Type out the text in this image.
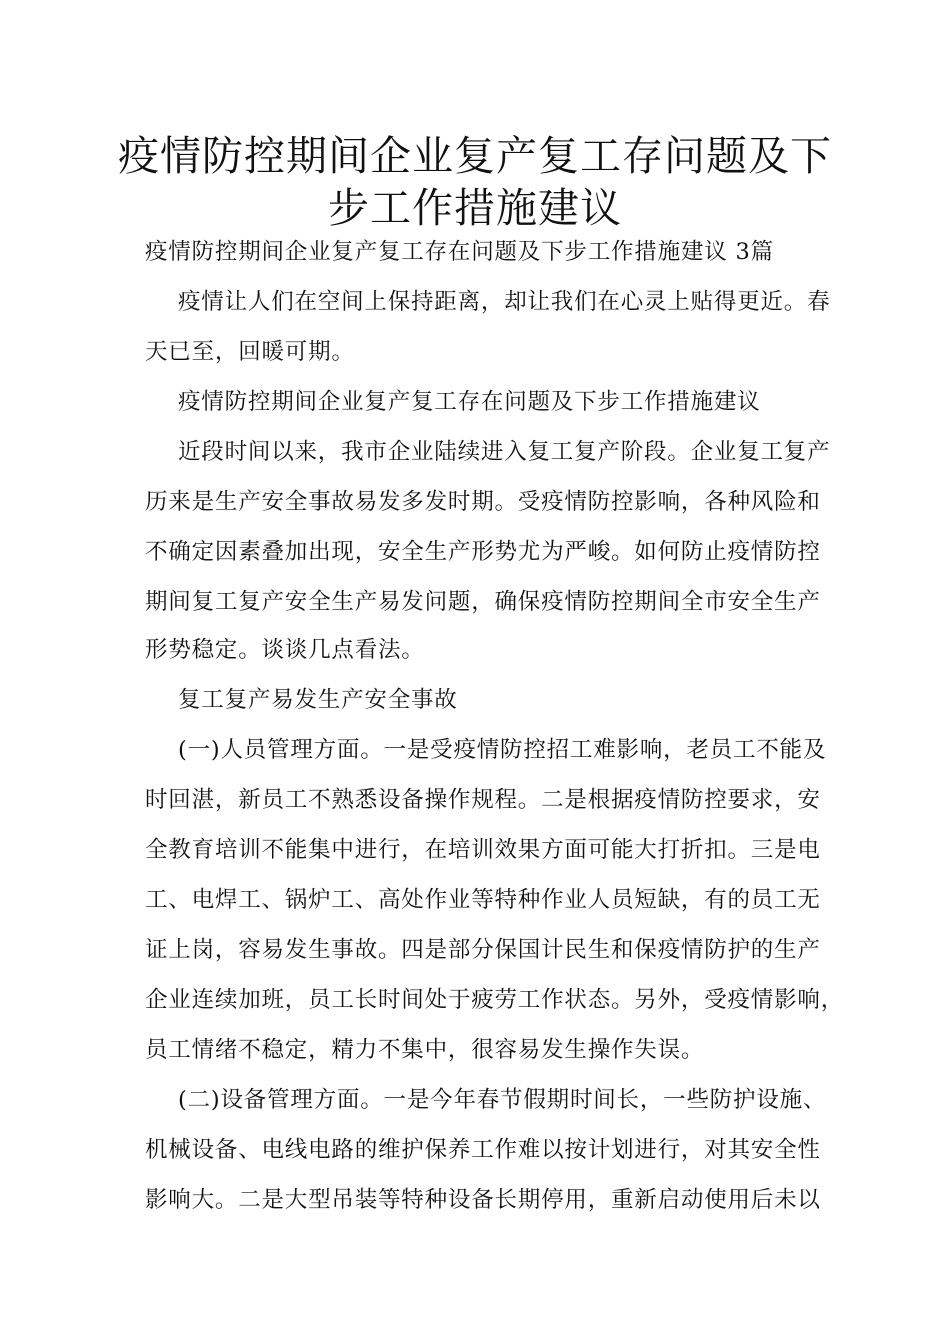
疫情防控期间企业复产复工存问题及下
步工作措施建议
疫情防控期间企业复产复工存在问题及下步工作措施建议 3篇
疫情让人们在空间上保持距离，却让我们在心灵上贴得更近。春
天已至，回暖可期。
疫情防控期间企业复产复工存在问题及下步工作措施建议
近段时间以来，我市企业陆续进入复工复产阶段。企业复工复产
历来是生产安全事故易发多发时期。受疫情防控影响，各种风险和
不确定因素叠加出现，安全生产形势尤为严峻。如何防止疫情防控
期间复工复产安全生产易发问题，确保疫情防控期间全市安全生产
形势稳定。谈谈几点看法。
复工复产易发生产安全事故
(一)人员管理方面。一是受疫情防控招工难影响，老员工不能及
时回湛，新员工不熟悉设备操作规程。二是根据疫情防控要求，安
全教育培训不能集中进行，在培训效果方面可能大打折扣。三是电
工、电焊工、锅炉工、高处作业等特种作业人员短缺，有的员工无
证上岗，容易发生事故。四是部分保国计民生和保疫情防护的生产
企业连续加班，员工长时间处于疲劳工作状态。另外，受疫情影响，
员工情绪不稳定，精力不集中，很容易发生操作失误。
(二)设备管理方面。一是今年春节假期时间长，一些防护设施、
机械设备、电线电路的维护保养工作难以按计划进行，对其安全性
影响大。二是大型吊装等特种设备长期停用，重新启动使用后未以
